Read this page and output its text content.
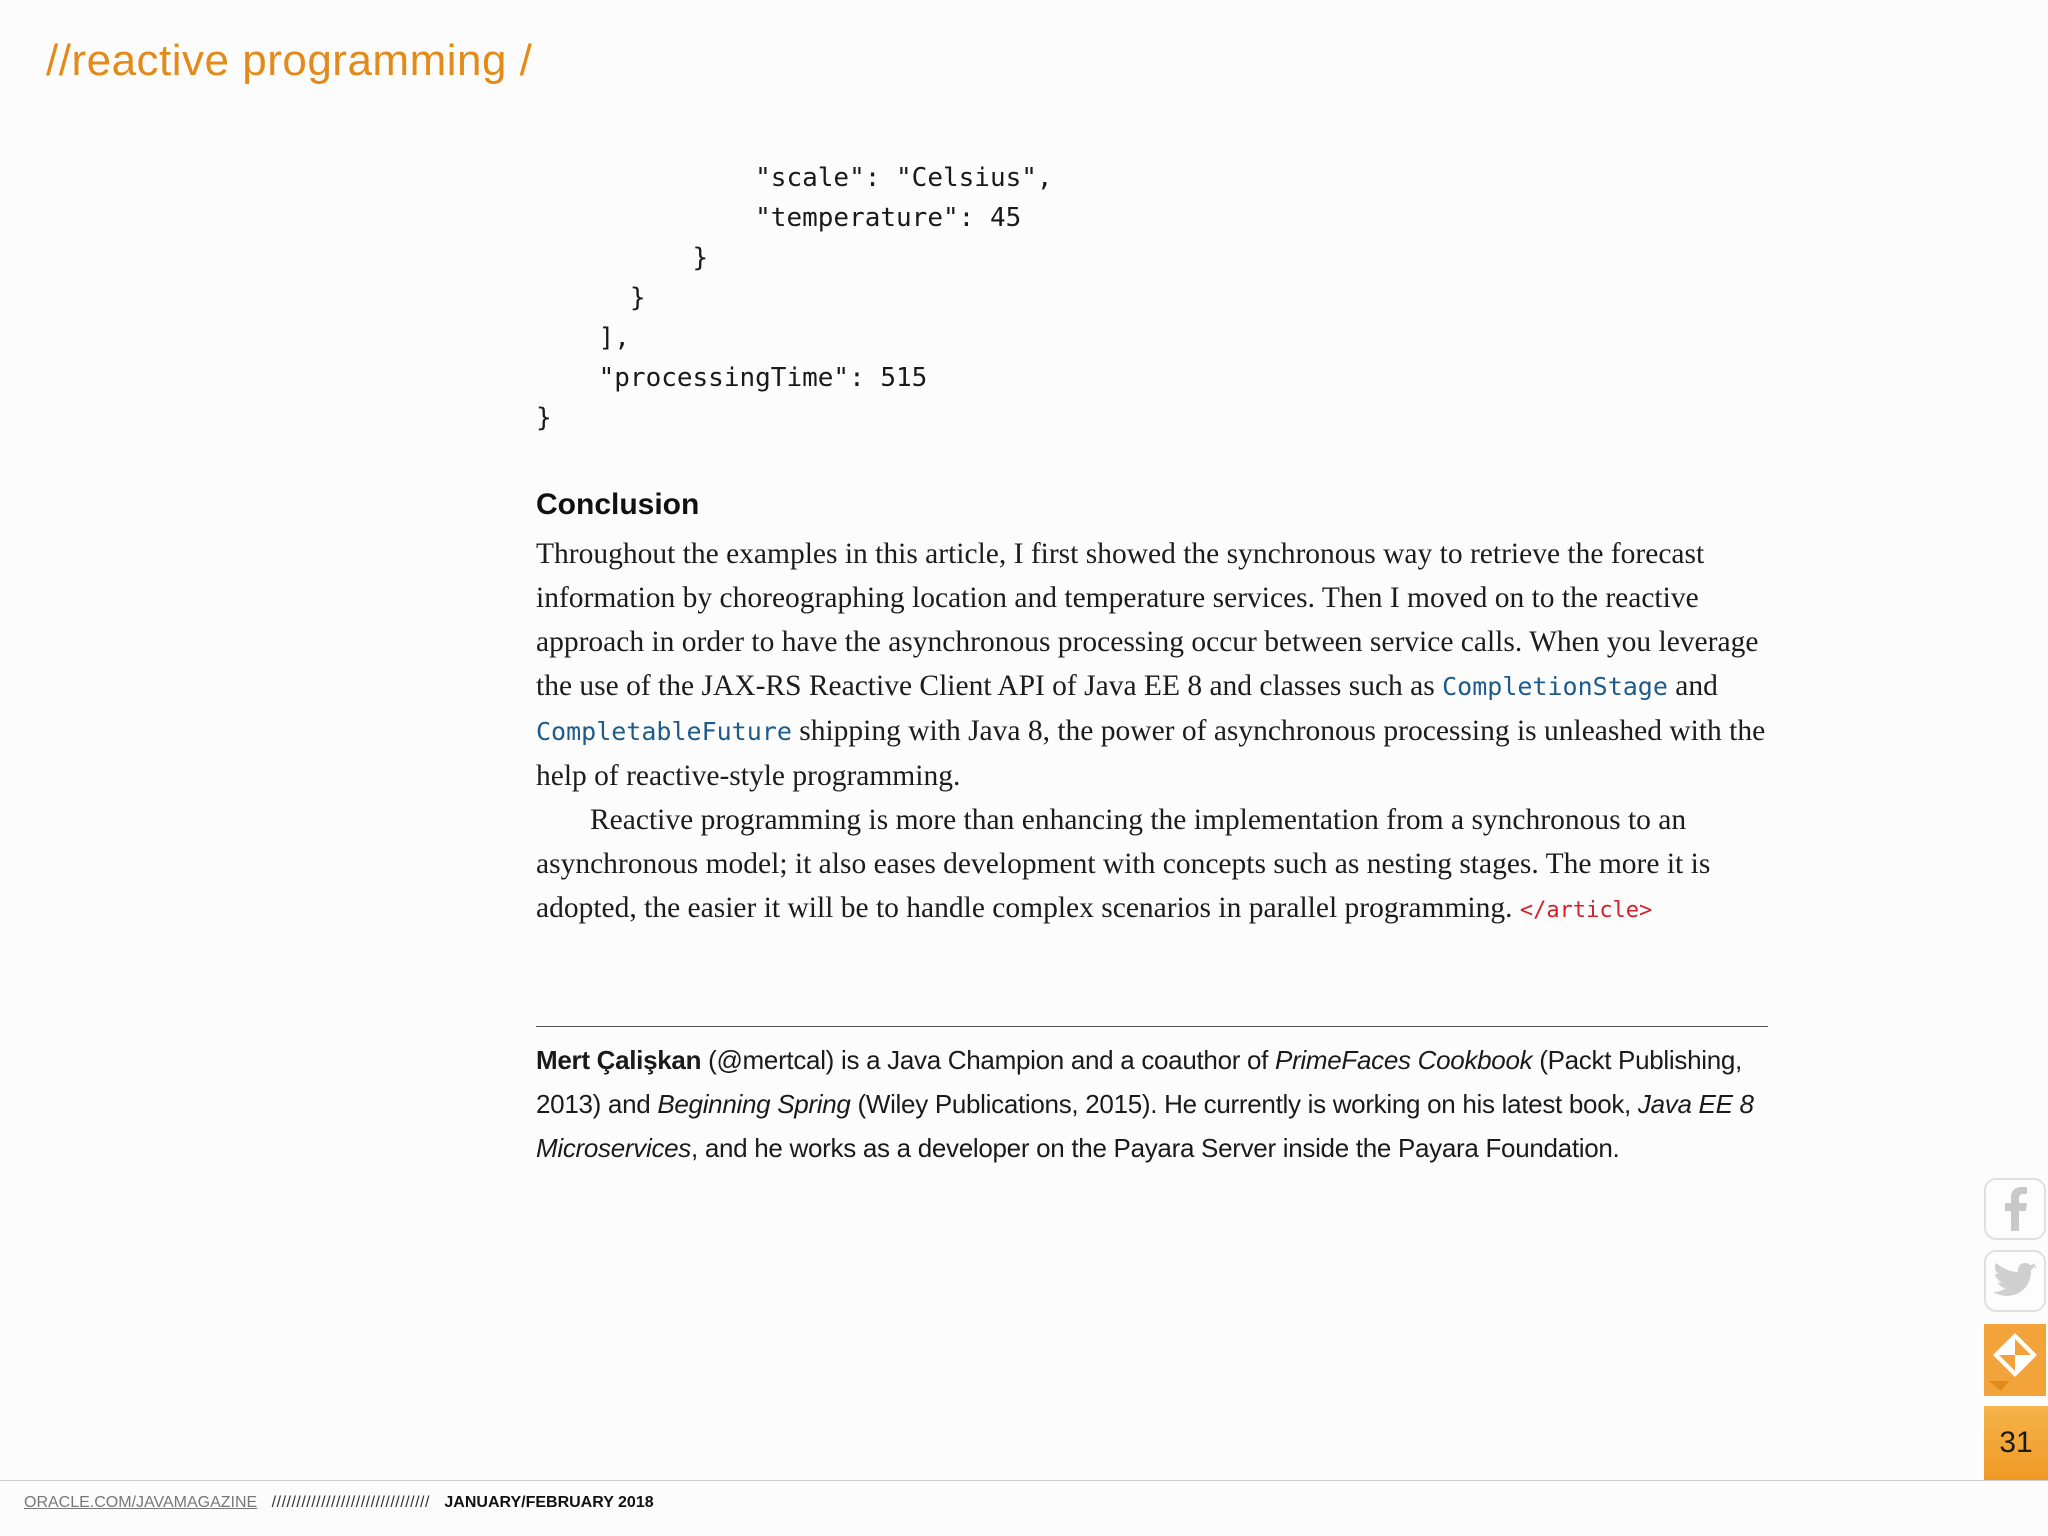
//reactive programming /
"scale": "Celsius",
"temperature": 45
}
}
],
"processingTime": 515
}
Conclusion

Throughout the examples in this article, I first showed the synchronous way to retrieve the forecast information by choreographing location and temperature services. Then I moved on to the reactive approach in order to have the asynchronous processing occur between service calls. When you leverage the use of the JAX-RS Reactive Client API of Java EE 8 and classes such as CompletionStage and CompletableFuture shipping with Java 8, the power of asynchronous processing is unleashed with the help of reactive-style programming.

Reactive programming is more than enhancing the implementation from a synchronous to an asynchronous model; it also eases development with concepts such as nesting stages. The more it is adopted, the easier it will be to handle complex scenarios in parallel programming. </article>

Mert Çalişkan (@mertcal) is a Java Champion and a coauthor of PrimeFaces Cookbook (Packt Publishing, 2013) and Beginning Spring (Wiley Publications, 2015). He currently is working on his latest book, Java EE 8 Microservices, and he works as a developer on the Payara Server inside the Payara Foundation.

31
ORACLE.COM/JAVAMAGAZINE //////////////////////////////// JANUARY/FEBRUARY 2018
